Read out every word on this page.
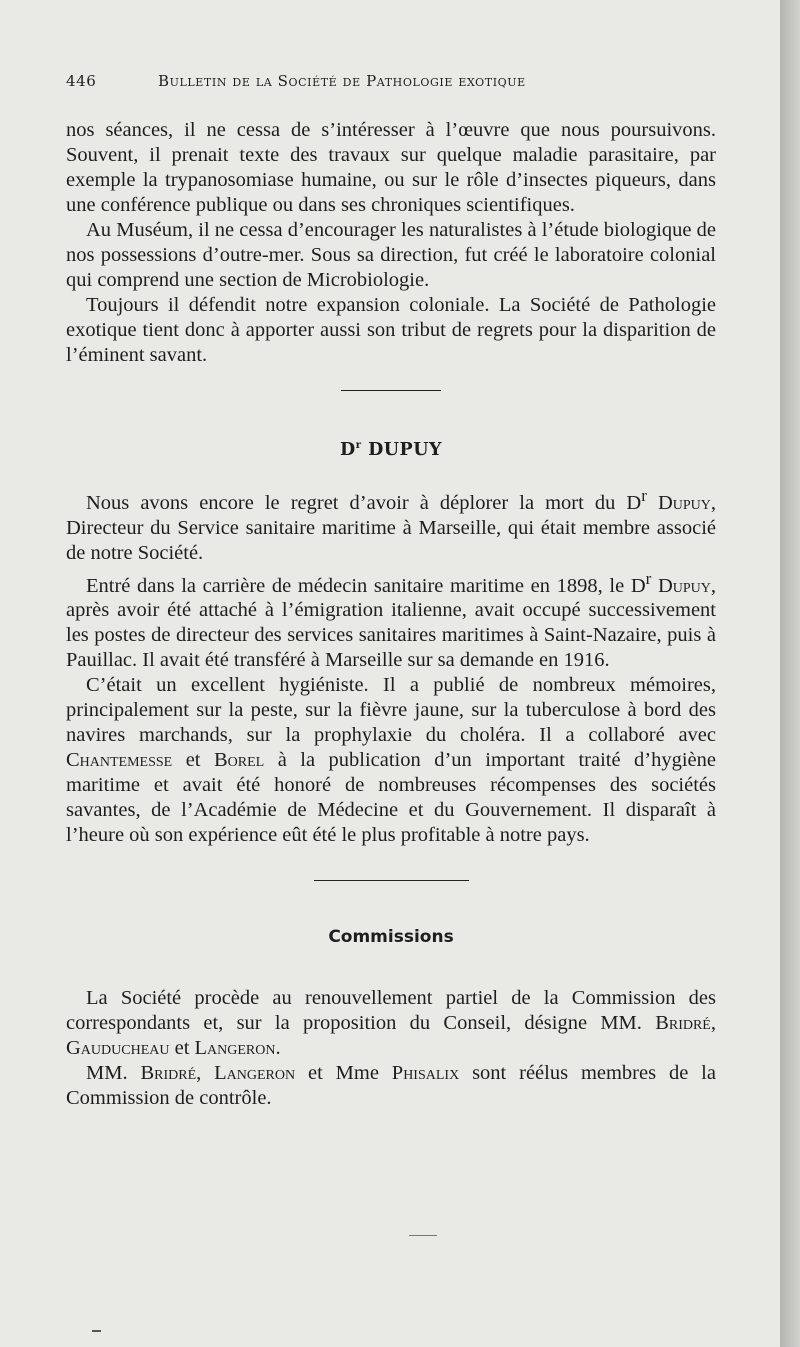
446	Bulletin de la Société de Pathologie exotique

nos séances, il ne cessa de s’intéresser à l’œuvre que nous poursuivons. Souvent, il prenait texte des travaux sur quelque maladie parasitaire, par exemple la trypanosomiase humaine, ou sur le rôle d’insectes piqueurs, dans une conférence publique ou dans ses chroniques scientifiques.

Au Muséum, il ne cessa d’encourager les naturalistes à l’étude biologique de nos possessions d’outre-mer. Sous sa direction, fut créé le laboratoire colonial qui comprend une section de Microbiologie.

Toujours il défendit notre expansion coloniale. La Société de Pathologie exotique tient donc à apporter aussi son tribut de regrets pour la disparition de l’éminent savant.

$D^r$ DUPUY

Nous avons encore le regret d’avoir à déplorer la mort du $D^r$ Dupuy, Directeur du Service sanitaire maritime à Marseille, qui était membre associé de notre Société.

Entré dans la carrière de médecin sanitaire maritime en 1898, le $D^r$ Dupuy, après avoir été attaché à l’émigration italienne, avait occupé successivement les postes de directeur des services sanitaires maritimes à Saint-Nazaire, puis à Pauillac. Il avait été transféré à Marseille sur sa demande en 1916.

C’était un excellent hygiéniste. Il a publié de nombreux mémoires, principalement sur la peste, sur la fièvre jaune, sur la tuberculose à bord des navires marchands, sur la prophylaxie du choléra. Il a collaboré avec Chantemesse et Borel à la publication d’un important traité d’hygiène maritime et avait été honoré de nombreuses récompenses des sociétés savantes, de l’Académie de Médecine et du Gouvernement. Il disparaît à l’heure où son expérience eût été le plus profitable à notre pays.

Commissions

La Société procède au renouvellement partiel de la Commission des correspondants et, sur la proposition du Conseil, désigne MM. Bridré, Gauducheau et Langeron.

MM. Bridré, Langeron et Mme Phisalix sont réélus membres de la Commission de contrôle.
